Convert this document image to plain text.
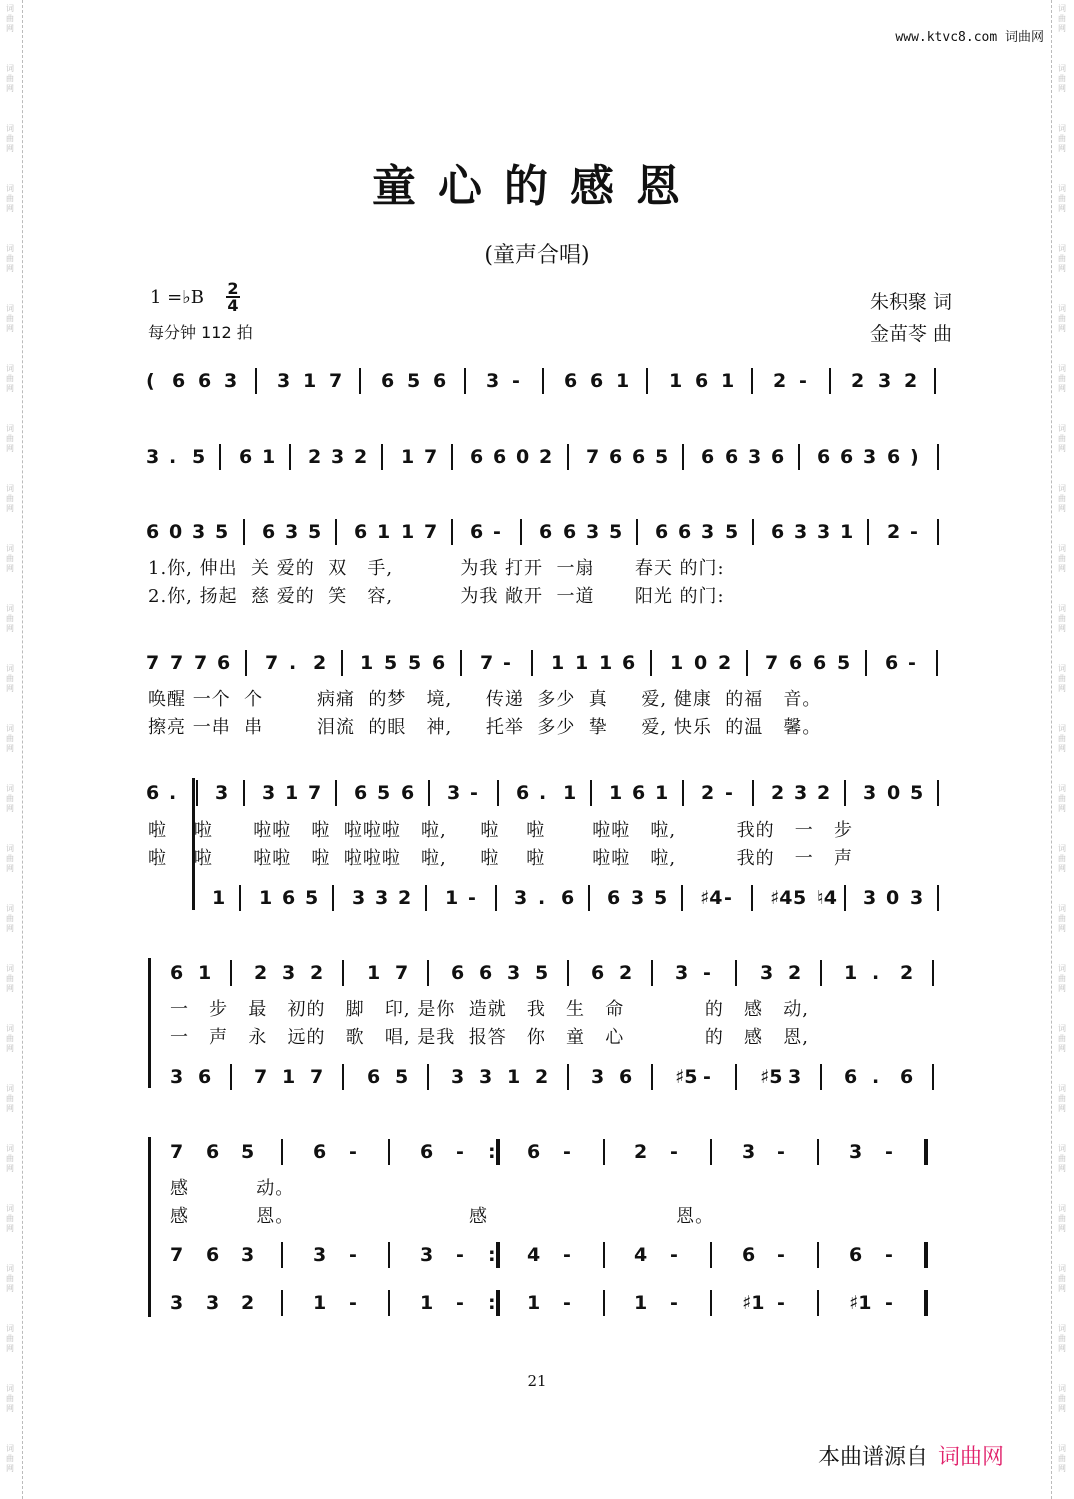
词曲网
词曲网
词曲网
词曲网
词曲网
词曲网
词曲网
词曲网
词曲网
词曲网
词曲网
词曲网
词曲网
词曲网
词曲网
词曲网
词曲网
词曲网
词曲网
词曲网
词曲网
词曲网
词曲网
词曲网
词曲网
词曲网
词曲网
词曲网
词曲网
词曲网
词曲网
词曲网
词曲网
词曲网
词曲网
词曲网
词曲网
词曲网
词曲网
词曲网
词曲网
词曲网
词曲网
词曲网
词曲网
词曲网
词曲网
词曲网
词曲网
词曲网
www.ktvc8.com 词曲网
童心的感恩
(童声合唱)
1 =♭B $\frac{2}{4}$
每分钟 112 拍
朱积聚 词
金苗苓 曲
( 6 6 3 3 1 7 6 5 6 3 - 6 6 1 1 6 1 2 - 2 3 2
3 . 5 6 1 2 3 2 1 7 6 6 0 2 7 6 6 5 6 6 3 6 6 6 3 6 )
6 0 3 5 6 3 5 6 1 1 7 6 - 6 6 3 5 6 6 3 5 6 3 3 1 2 -
1.你, 伸出  关 爱的  双   手,          为我 打开  一扇      春天 的门:
2.你, 扬起  慈 爱的  笑   容,          为我 敞开  一道      阳光 的门:
7 7 7 6 7 . 2 1 5 5 6 7 - 1 1 1 6 1 0 2 7 6 6 5 6 -
唤醒 一个  个        病痛  的梦   境,     传递  多少  真     爱, 健康  的福   音。
擦亮 一串  串        泪流  的眼   神,     托举  多少  挚     爱, 快乐  的温   馨。
6 . 3 3 1 7 6 5 6 3 - 6 . 1 1 6 1 2 - 2 3 2 3 0 5
啦    啦      啦啦   啦  啦啦啦   啦,     啦    啦       啦啦   啦,         我的   一   步
啦    啦      啦啦   啦  啦啦啦   啦,     啦    啦       啦啦   啦,         我的   一   声
1 1 6 5 3 3 2 1 - 3 . 6 6 3 5 ♯4 - ♯4 5 ♮4 3 0 3
6 1 2 3 2 1 7 6 6 3 5 6 2 3 -	3 2 1 . 2
一   步   最   初的   脚   印, 是你  造就   我   生   命            的   感   动,
一   声   永   远的   歌   唱, 是我  报答   你   童   心            的   感   恩,
3 6 7 1 7 6 5 3 3 1 2 3 6 ♯5 -	♯5 3 6 . 6
7 6 5	6 -	6 - : 6 -	2 -	3 -	3 -
感          动。
感          恩。                          感                            恩。
7 6 3	3 -	3 - : 4 -	4 -	6 -	6 -
3 3 2	1 -	1 - : 1 -	1 -	♯1 -	♯1 -
21
本曲谱源自 词曲网
